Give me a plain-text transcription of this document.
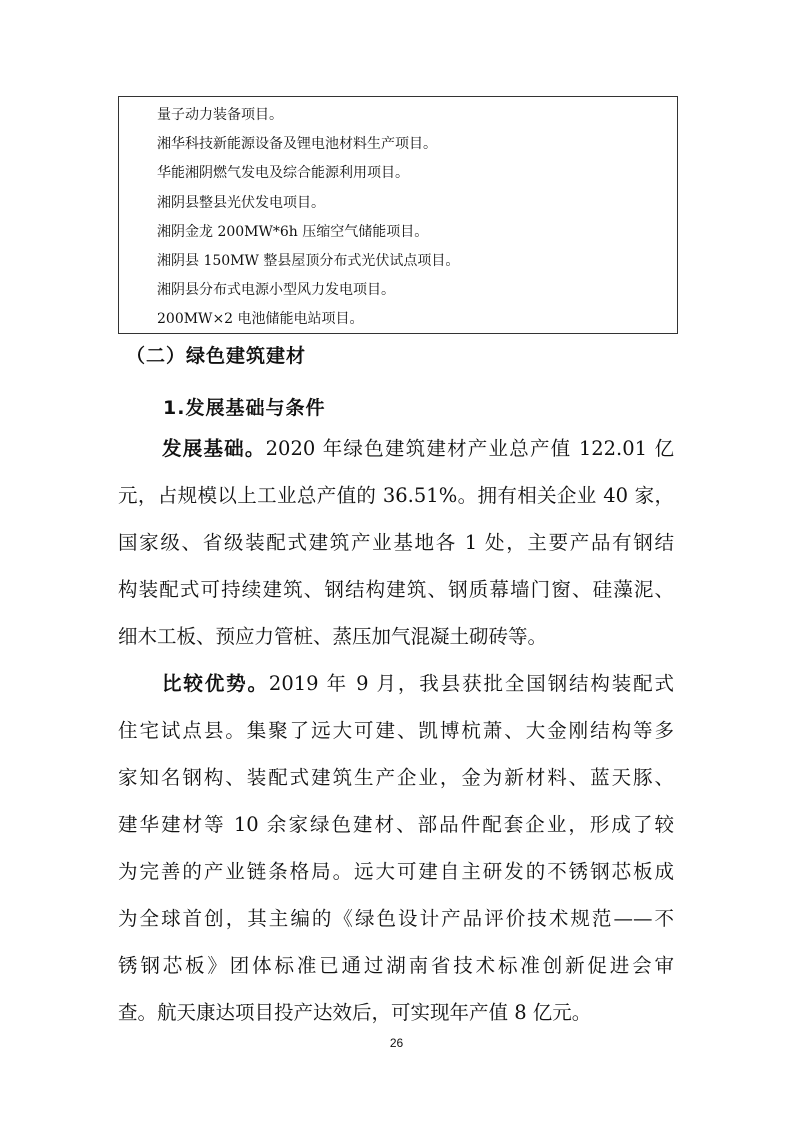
量子动力装备项目。
湘华科技新能源设备及锂电池材料生产项目。
华能湘阴燃气发电及综合能源利用项目。
湘阴县整县光伏发电项目。
湘阴金龙 200MW*6h 压缩空气储能项目。
湘阴县 150MW 整县屋顶分布式光伏试点项目。
湘阴县分布式电源小型风力发电项目。
200MW×2 电池储能电站项目。
（二）绿色建筑建材
1.发展基础与条件
发展基础。2020 年绿色建筑建材产业总产值 122.01 亿
元，占规模以上工业总产值的 36.51%。拥有相关企业 40 家，
国家级、省级装配式建筑产业基地各 1 处，主要产品有钢结
构装配式可持续建筑、钢结构建筑、钢质幕墙门窗、硅藻泥、
细木工板、预应力管桩、蒸压加气混凝土砌砖等。
比较优势。2019 年 9 月，我县获批全国钢结构装配式
住宅试点县。集聚了远大可建、凯博杭萧、大金刚结构等多
家知名钢构、装配式建筑生产企业，金为新材料、蓝天豚、
建华建材等 10 余家绿色建材、部品件配套企业，形成了较
为完善的产业链条格局。远大可建自主研发的不锈钢芯板成
为全球首创，其主编的《绿色设计产品评价技术规范——不
锈钢芯板》团体标准已通过湖南省技术标准创新促进会审
查。航天康达项目投产达效后，可实现年产值 8 亿元。
26
